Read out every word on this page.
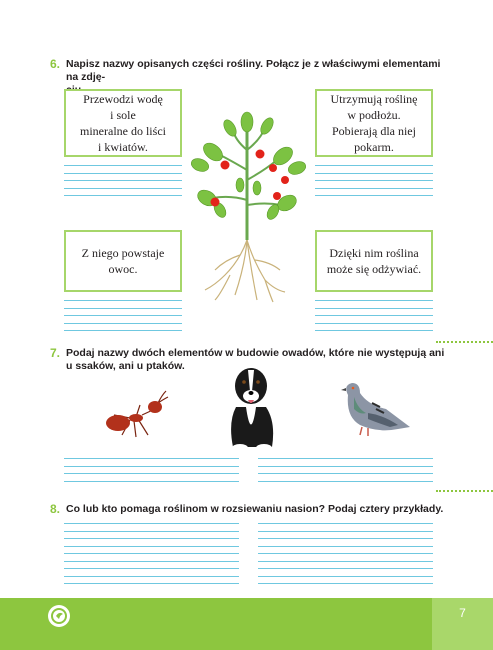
6. Napisz nazwy opisanych części rośliny. Połącz je z właściwymi elementami na zdję-

Przewodzi wodę
i sole
mineralne do liści
i kwiatów.
Utrzymują roślinę
w podłożu.
Pobierają dla niej
pokarm.
Z niego powstaje
owoc.
Dzięki nim roślina
może się odżywiać.
7. Podaj nazwy dwóch elementów w budowie owadów, które nie występują ani
u ssaków, ani u ptaków.
8. Co lub kto pomaga roślinom w rozsiewaniu nasion? Podaj cztery przykłady.
7
